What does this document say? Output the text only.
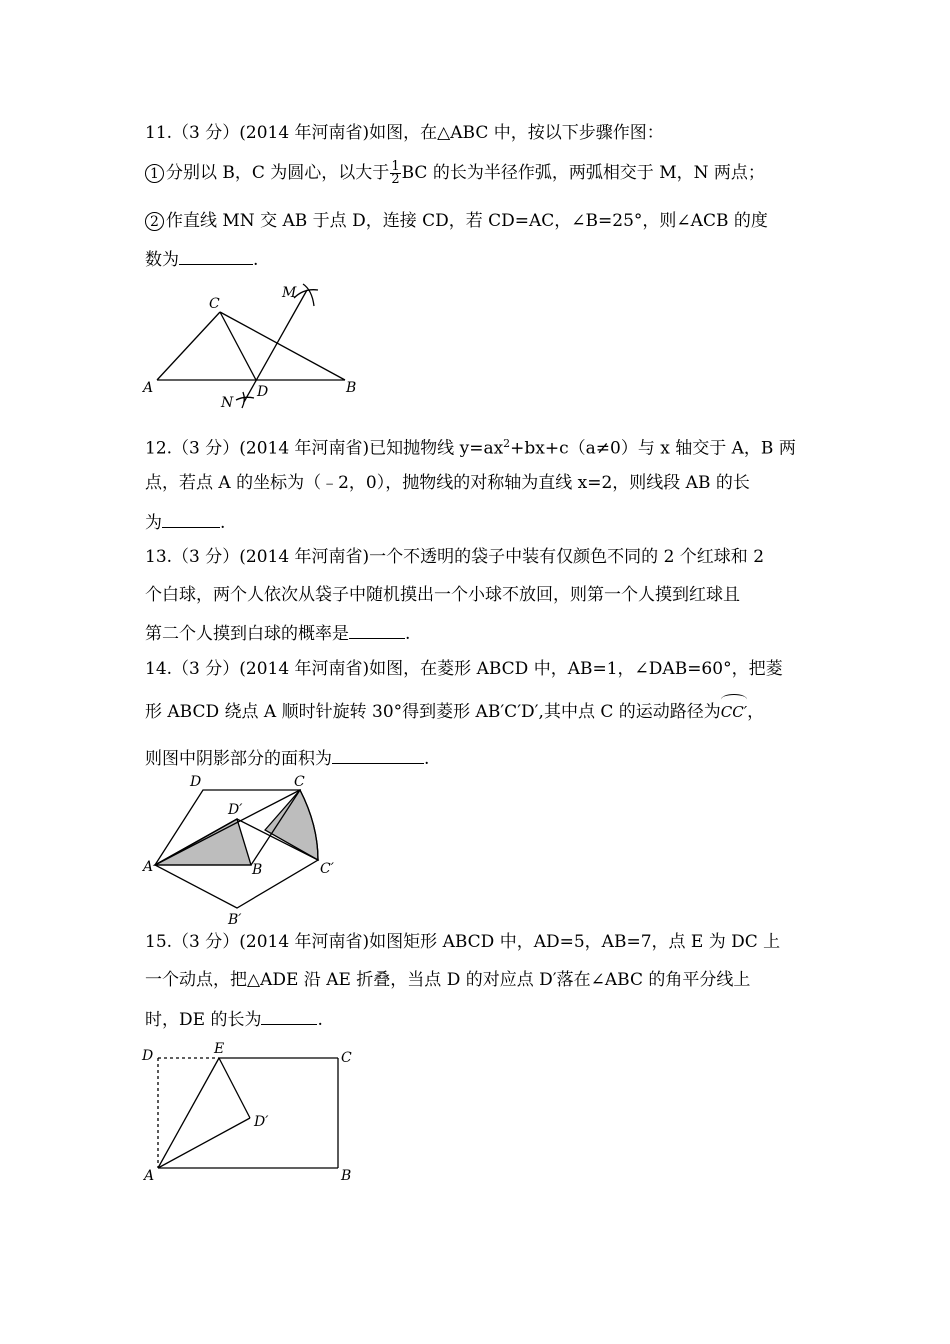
11.（3 分）(2014 年河南省)如图，在△ABC 中，按以下步骤作图：
1 分别以 B，C 为圆心，以大于 $\frac{1}{2}$ BC 的长为半径作弧，两弧相交于 M，N 两点；
2 作直线 MN 交 AB 于点 D，连接 CD，若 CD=AC，∠B=25°，则∠ACB 的度
数为	.
C
A	D	B
M
N
12.（3 分）(2014 年河南省)已知抛物线 $y=ax^2+bx+c(a\ne 0)$与 x 轴交于 A，B 两
点，若点 A 的坐标为（﹣2，0），抛物线的对称轴为直线 x=2，则线段 AB 的长
为	.
13.（3 分）(2014 年河南省)一个不透明的袋子中装有仅颜色不同的 2 个红球和 2
个白球，两个人依次从袋子中随机摸出一个小球不放回，则第一个人摸到红球且
第二个人摸到白球的概率是	.
14.（3 分）(2014 年河南省)如图，在菱形 ABCD 中，AB=1，∠DAB=60°，把菱
形 ABCD 绕点 A 顺时针旋转 30°得到菱形 AB′C′D′,其中点 C 的运动路径为CC′，
则图中阴影部分的面积为	.
D	C
D′
A	B	C′
B′
15.（3 分）(2014 年河南省)如图矩形 ABCD 中，AD=5，AB=7，点 E 为 DC 上
一个动点，把△ADE 沿 AE 折叠，当点 D 的对应点 D′落在∠ABC 的角平分线上
时，DE 的长为	.
D	E
C
D′
A	B
